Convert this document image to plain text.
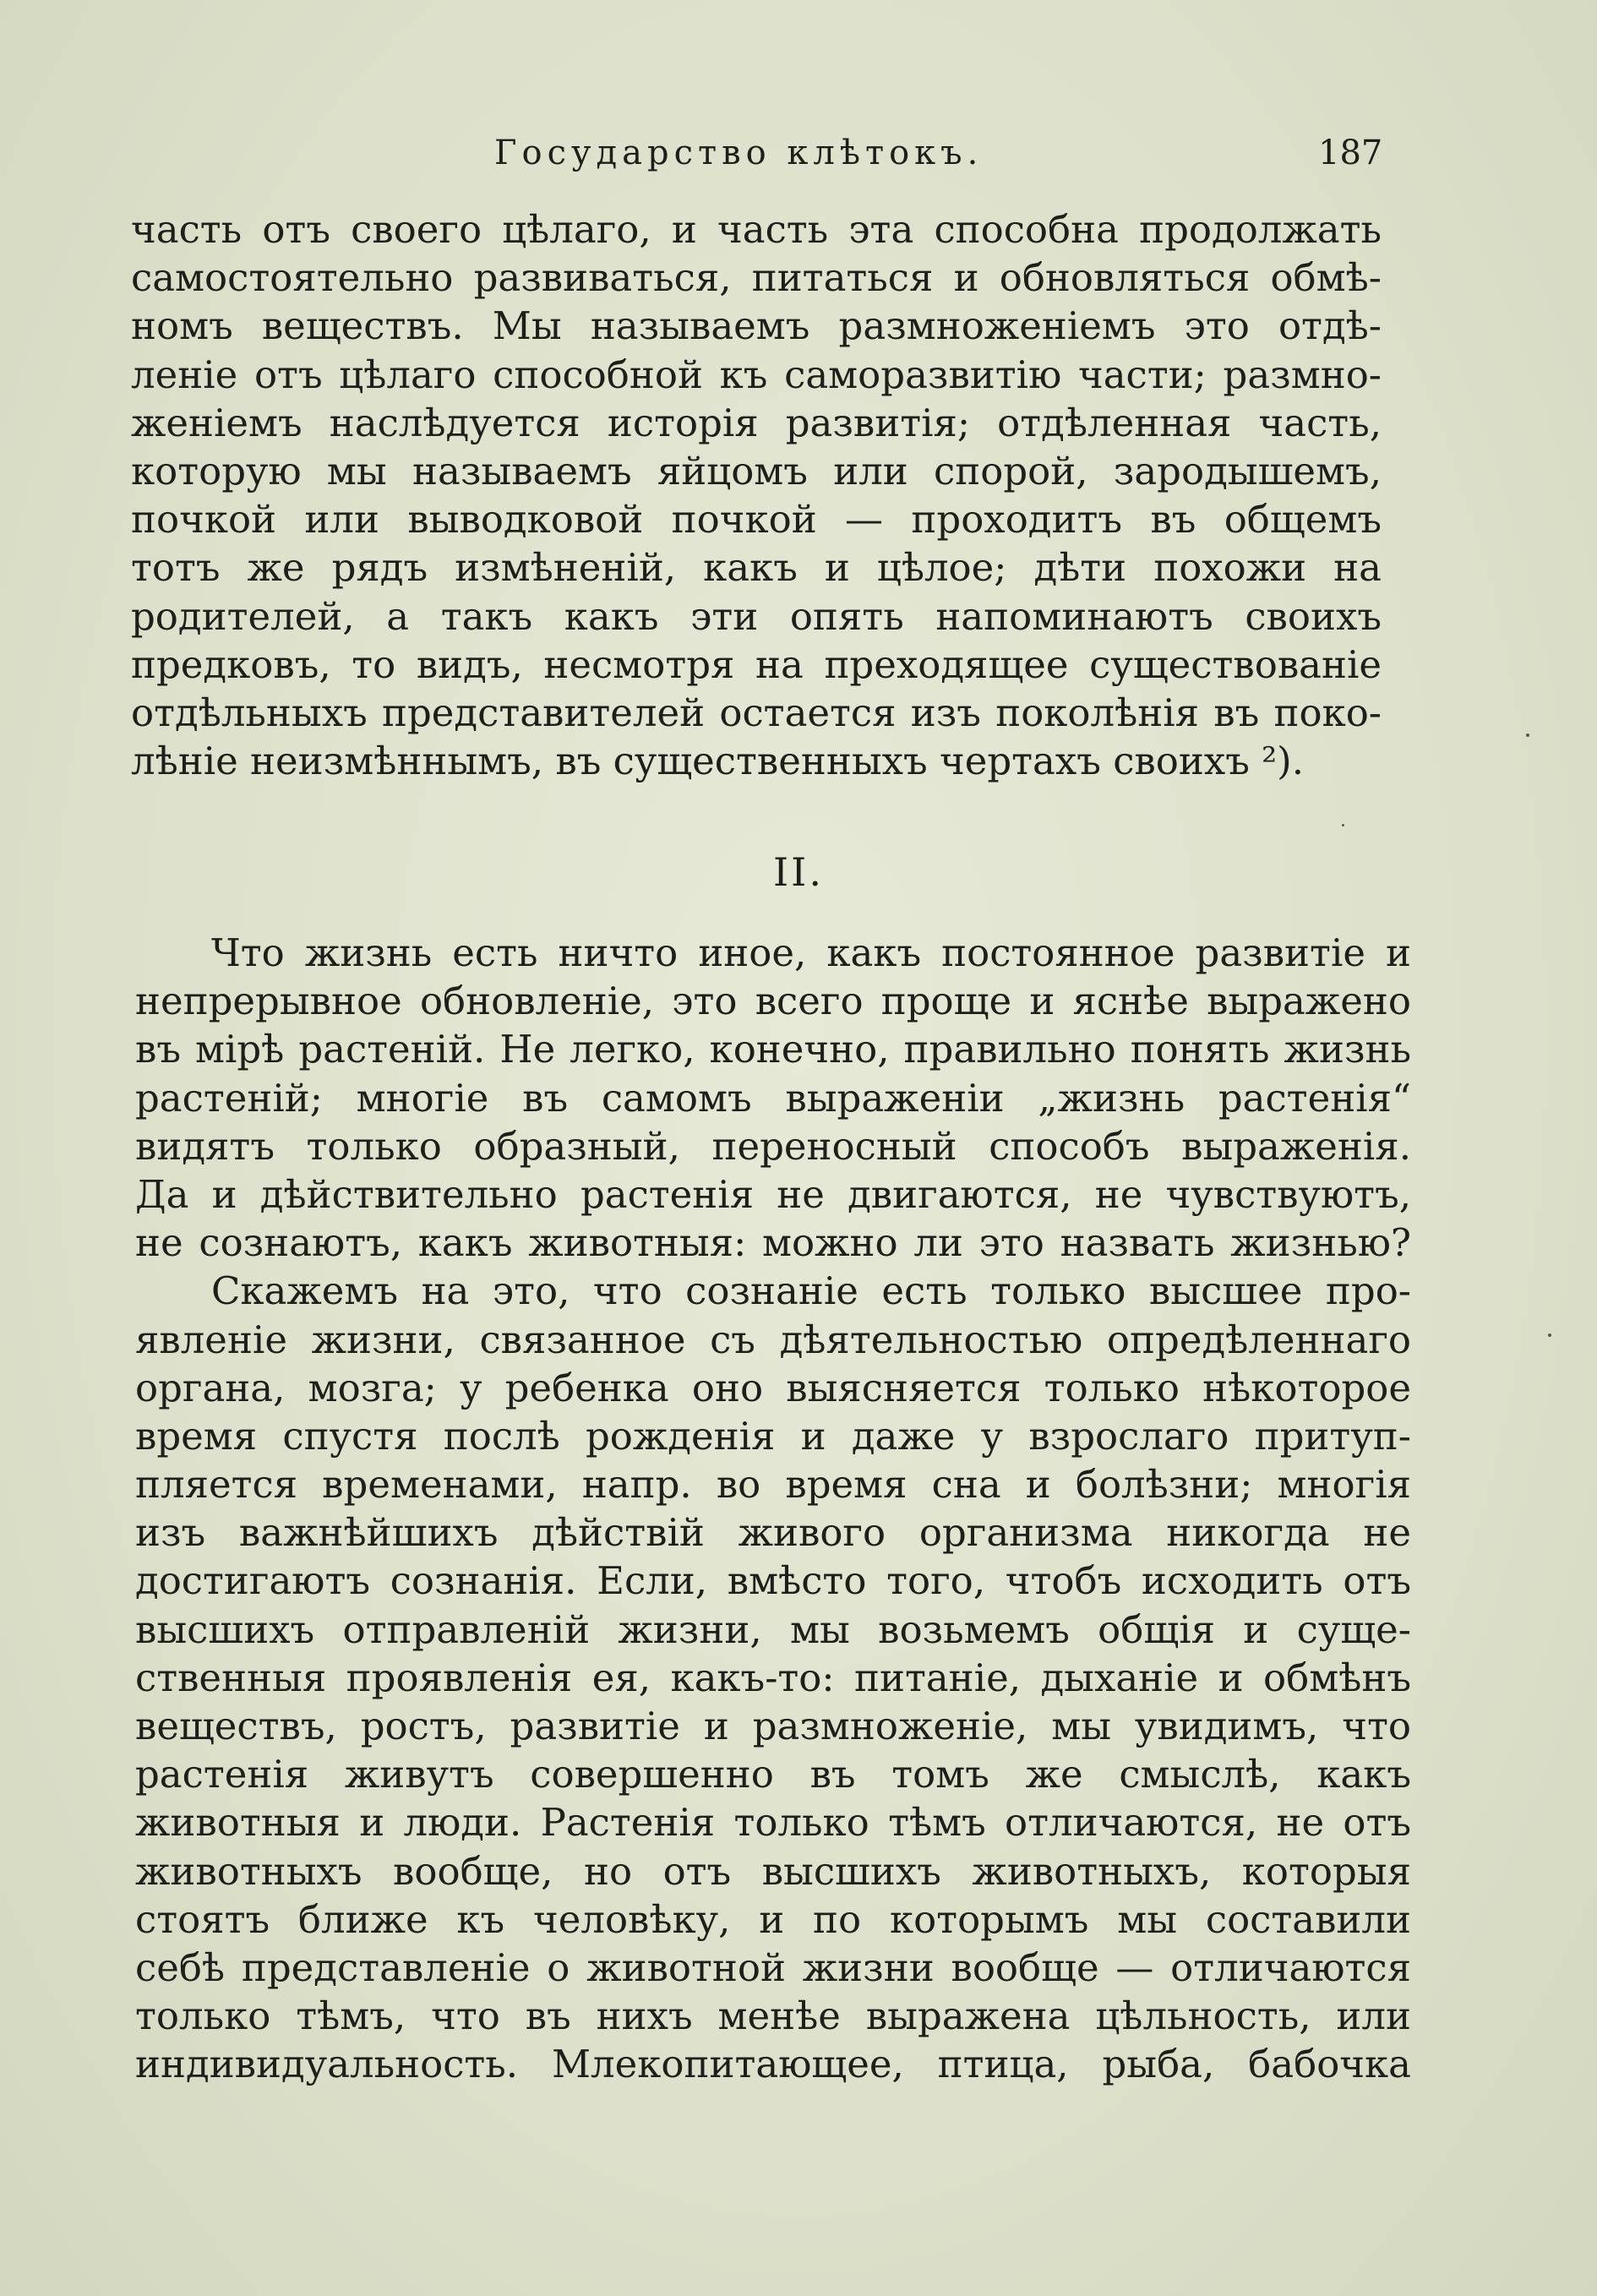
Государство клѣтокъ.	187
часть отъ своего цѣлаго, и часть эта способна продолжать
самостоятельно развиваться, питаться и обновляться обмѣ-
номъ веществъ. Мы называемъ размноженіемъ это отдѣ-
леніе отъ цѣлаго способной къ саморазвитію части; размно-
женіемъ наслѣдуется исторія развитія; отдѣленная часть,
которую мы называемъ яйцомъ или спорой, зародышемъ,
почкой или выводковой почкой — проходитъ въ общемъ
тотъ же рядъ измѣненій, какъ и цѣлое; дѣти похожи на
родителей, а такъ какъ эти опять напоминаютъ своихъ
предковъ, то видъ, несмотря на преходящее существованіе
отдѣльныхъ представителей остается изъ поколѣнія въ поко-
лѣніе неизмѣннымъ, въ существенныхъ чертахъ своихъ ²).
II.
Что жизнь есть ничто иное, какъ постоянное развитіе и
непрерывное обновленіе, это всего проще и яснѣе выражено
въ мірѣ растеній. Не легко, конечно, правильно понять жизнь
растеній; многіе въ самомъ выраженіи „жизнь растенія“
видятъ только образный, переносный способъ выраженія.
Да и дѣйствительно растенія не двигаются, не чувствуютъ,
не сознаютъ, какъ животныя: можно ли это назвать жизнью?
Скажемъ на это, что сознаніе есть только высшее про-
явленіе жизни, связанное съ дѣятельностью опредѣленнаго
органа, мозга; у ребенка оно выясняется только нѣкоторое
время спустя послѣ рожденія и даже у взрослаго притуп-
пляется временами, напр. во время сна и болѣзни; многія
изъ важнѣйшихъ дѣйствій живого организма никогда не
достигаютъ сознанія. Если, вмѣсто того, чтобъ исходить отъ
высшихъ отправленій жизни, мы возьмемъ общія и суще-
ственныя проявленія ея, какъ-то: питаніе, дыханіе и обмѣнъ
веществъ, ростъ, развитіе и размноженіе, мы увидимъ, что
растенія живутъ совершенно въ томъ же смыслѣ, какъ
животныя и люди. Растенія только тѣмъ отличаются, не отъ
животныхъ вообще, но отъ высшихъ животныхъ, которыя
стоятъ ближе къ человѣку, и по которымъ мы составили
себѣ представленіе о животной жизни вообще — отличаются
только тѣмъ, что въ нихъ менѣе выражена цѣльность, или
индивидуальность. Млекопитающее, птица, рыба, бабочка
